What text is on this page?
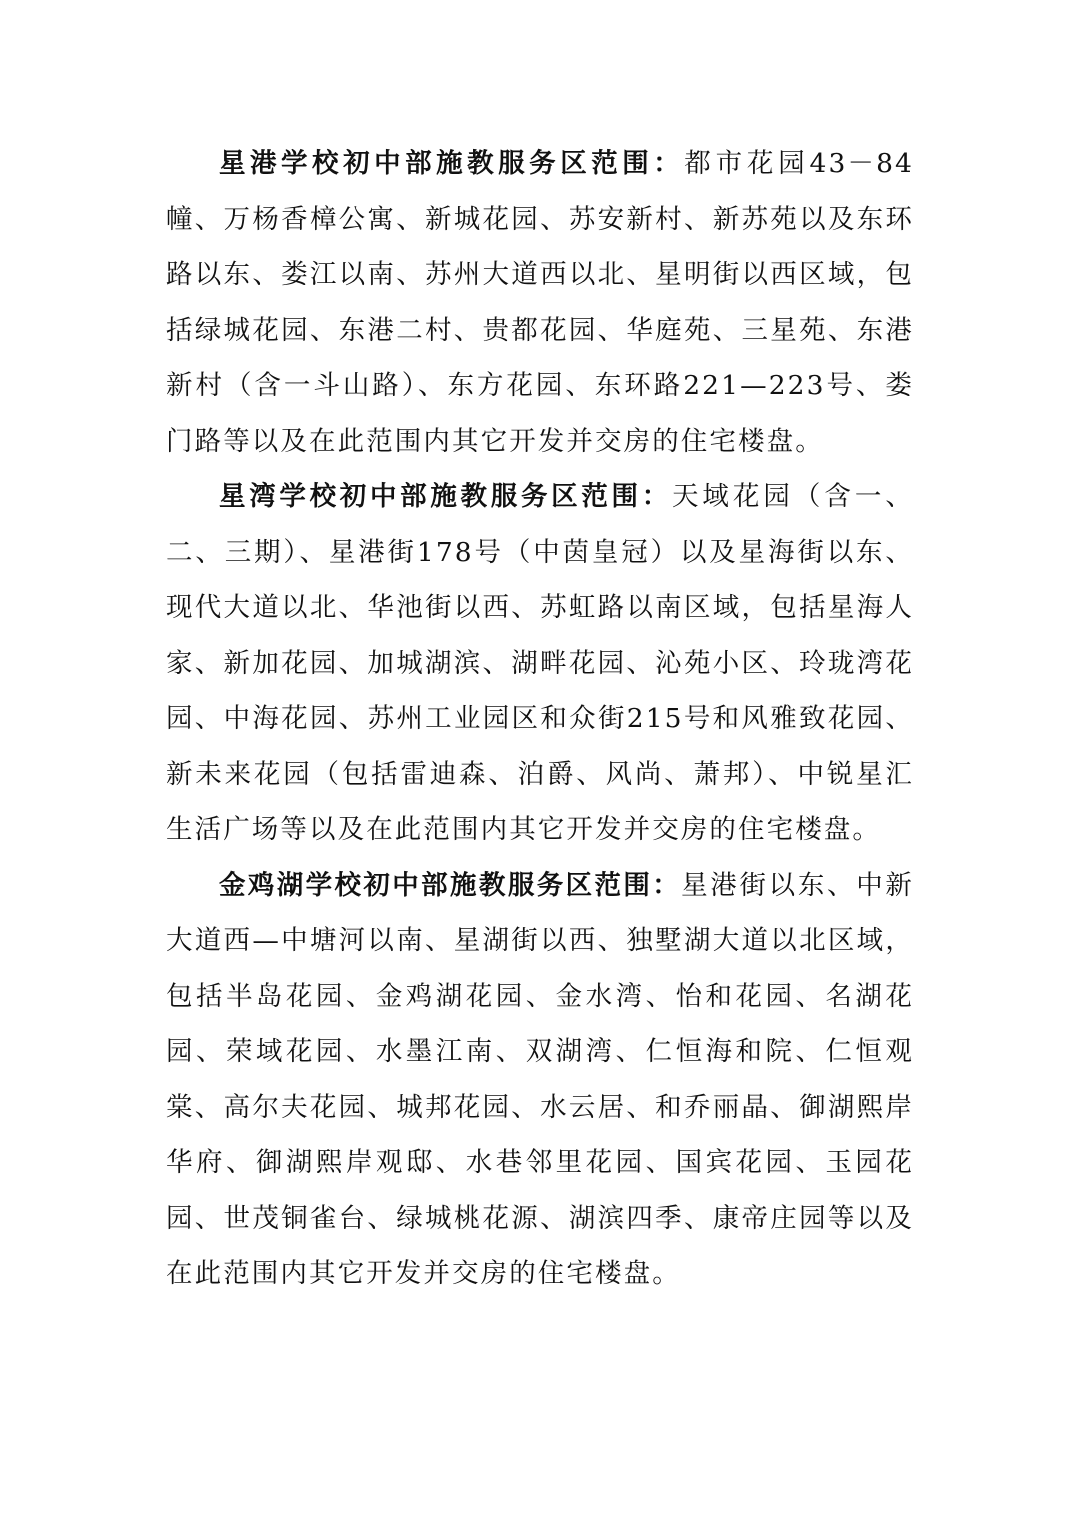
星港学校初中部施教服务区范围：都市花园43－84幢、万杨香樟公寓、新城花园、苏安新村、新苏苑以及东环路以东、娄江以南、苏州大道西以北、星明街以西区域，包括绿城花园、东港二村、贵都花园、华庭苑、三星苑、东港新村（含一斗山路）、东方花园、东环路221—223号、娄门路等以及在此范围内其它开发并交房的住宅楼盘。

星湾学校初中部施教服务区范围：天域花园（含一、二、三期）、星港街178号（中茵皇冠）以及星海街以东、现代大道以北、华池街以西、苏虹路以南区域，包括星海人家、新加花园、加城湖滨、湖畔花园、沁苑小区、玲珑湾花园、中海花园、苏州工业园区和众街215号和风雅致花园、新未来花园（包括雷迪森、泊爵、风尚、萧邦）、中锐星汇生活广场等以及在此范围内其它开发并交房的住宅楼盘。

金鸡湖学校初中部施教服务区范围：星港街以东、中新大道西—中塘河以南、星湖街以西、独墅湖大道以北区域，包括半岛花园、金鸡湖花园、金水湾、怡和花园、名湖花园、荣域花园、水墨江南、双湖湾、仁恒海和院、仁恒观棠、高尔夫花园、城邦花园、水云居、和乔丽晶、御湖熙岸华府、御湖熙岸观邸、水巷邻里花园、国宾花园、玉园花园、世茂铜雀台、绿城桃花源、湖滨四季、康帝庄园等以及在此范围内其它开发并交房的住宅楼盘。
